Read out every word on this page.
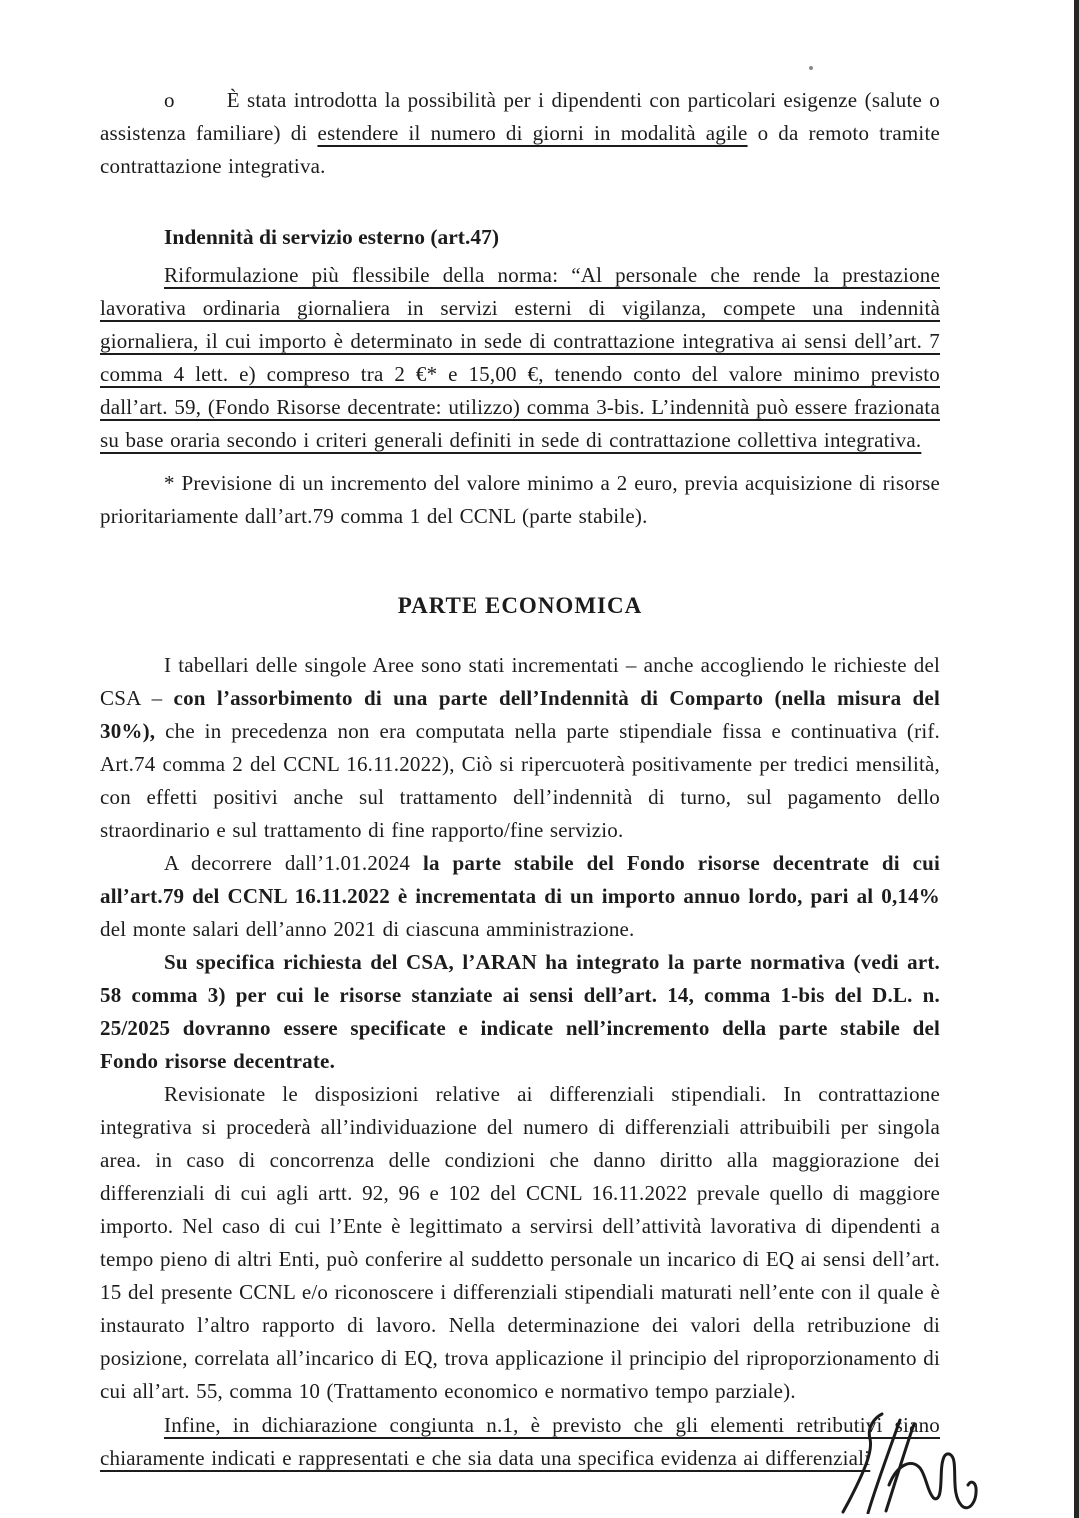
o È stata introdotta la possibilità per i dipendenti con particolari esigenze (salute o assistenza familiare) di estendere il numero di giorni in modalità agile o da remoto tramite contrattazione integrativa.

Indennità di servizio esterno (art.47)

Riformulazione più flessibile della norma: “Al personale che rende la prestazione lavorativa ordinaria giornaliera in servizi esterni di vigilanza, compete una indennità giornaliera, il cui importo è determinato in sede di contrattazione integrativa ai sensi dell’art. 7 comma 4 lett. e) compreso tra 2 €* e 15,00 €, tenendo conto del valore minimo previsto dall’art. 59, (Fondo Risorse decentrate: utilizzo) comma 3-bis. L’indennità può essere frazionata su base oraria secondo i criteri generali definiti in sede di contrattazione collettiva integrativa.

* Previsione di un incremento del valore minimo a 2 euro, previa acquisizione di risorse prioritariamente dall’art.79 comma 1 del CCNL (parte stabile).

PARTE ECONOMICA

I tabellari delle singole Aree sono stati incrementati – anche accogliendo le richieste del CSA – con l’assorbimento di una parte dell’Indennità di Comparto (nella misura del 30%), che in precedenza non era computata nella parte stipendiale fissa e continuativa (rif. Art.74 comma 2 del CCNL 16.11.2022), Ciò si ripercuoterà positivamente per tredici mensilità, con effetti positivi anche sul trattamento dell’indennità di turno, sul pagamento dello straordinario e sul trattamento di fine rapporto/fine servizio.

A decorrere dall’1.01.2024 la parte stabile del Fondo risorse decentrate di cui all’art.79 del CCNL 16.11.2022 è incrementata di un importo annuo lordo, pari al 0,14% del monte salari dell’anno 2021 di ciascuna amministrazione.

Su specifica richiesta del CSA, l’ARAN ha integrato la parte normativa (vedi art. 58 comma 3) per cui le risorse stanziate ai sensi dell’art. 14, comma 1-bis del D.L. n. 25/2025 dovranno essere specificate e indicate nell’incremento della parte stabile del Fondo risorse decentrate.

Revisionate le disposizioni relative ai differenziali stipendiali. In contrattazione integrativa si procederà all’individuazione del numero di differenziali attribuibili per singola area. in caso di concorrenza delle condizioni che danno diritto alla maggiorazione dei differenziali di cui agli artt. 92, 96 e 102 del CCNL 16.11.2022 prevale quello di maggiore importo. Nel caso di cui l’Ente è legittimato a servirsi dell’attività lavorativa di dipendenti a tempo pieno di altri Enti, può conferire al suddetto personale un incarico di EQ ai sensi dell’art. 15 del presente CCNL e/o riconoscere i differenziali stipendiali maturati nell’ente con il quale è instaurato l’altro rapporto di lavoro. Nella determinazione dei valori della retribuzione di posizione, correlata all’incarico di EQ, trova applicazione il principio del riproporzionamento di cui all’art. 55, comma 10 (Trattamento economico e normativo tempo parziale).

Infine, in dichiarazione congiunta n.1, è previsto che gli elementi retributivi siano chiaramente indicati e rappresentati e che sia data una specifica evidenza ai differenziali
